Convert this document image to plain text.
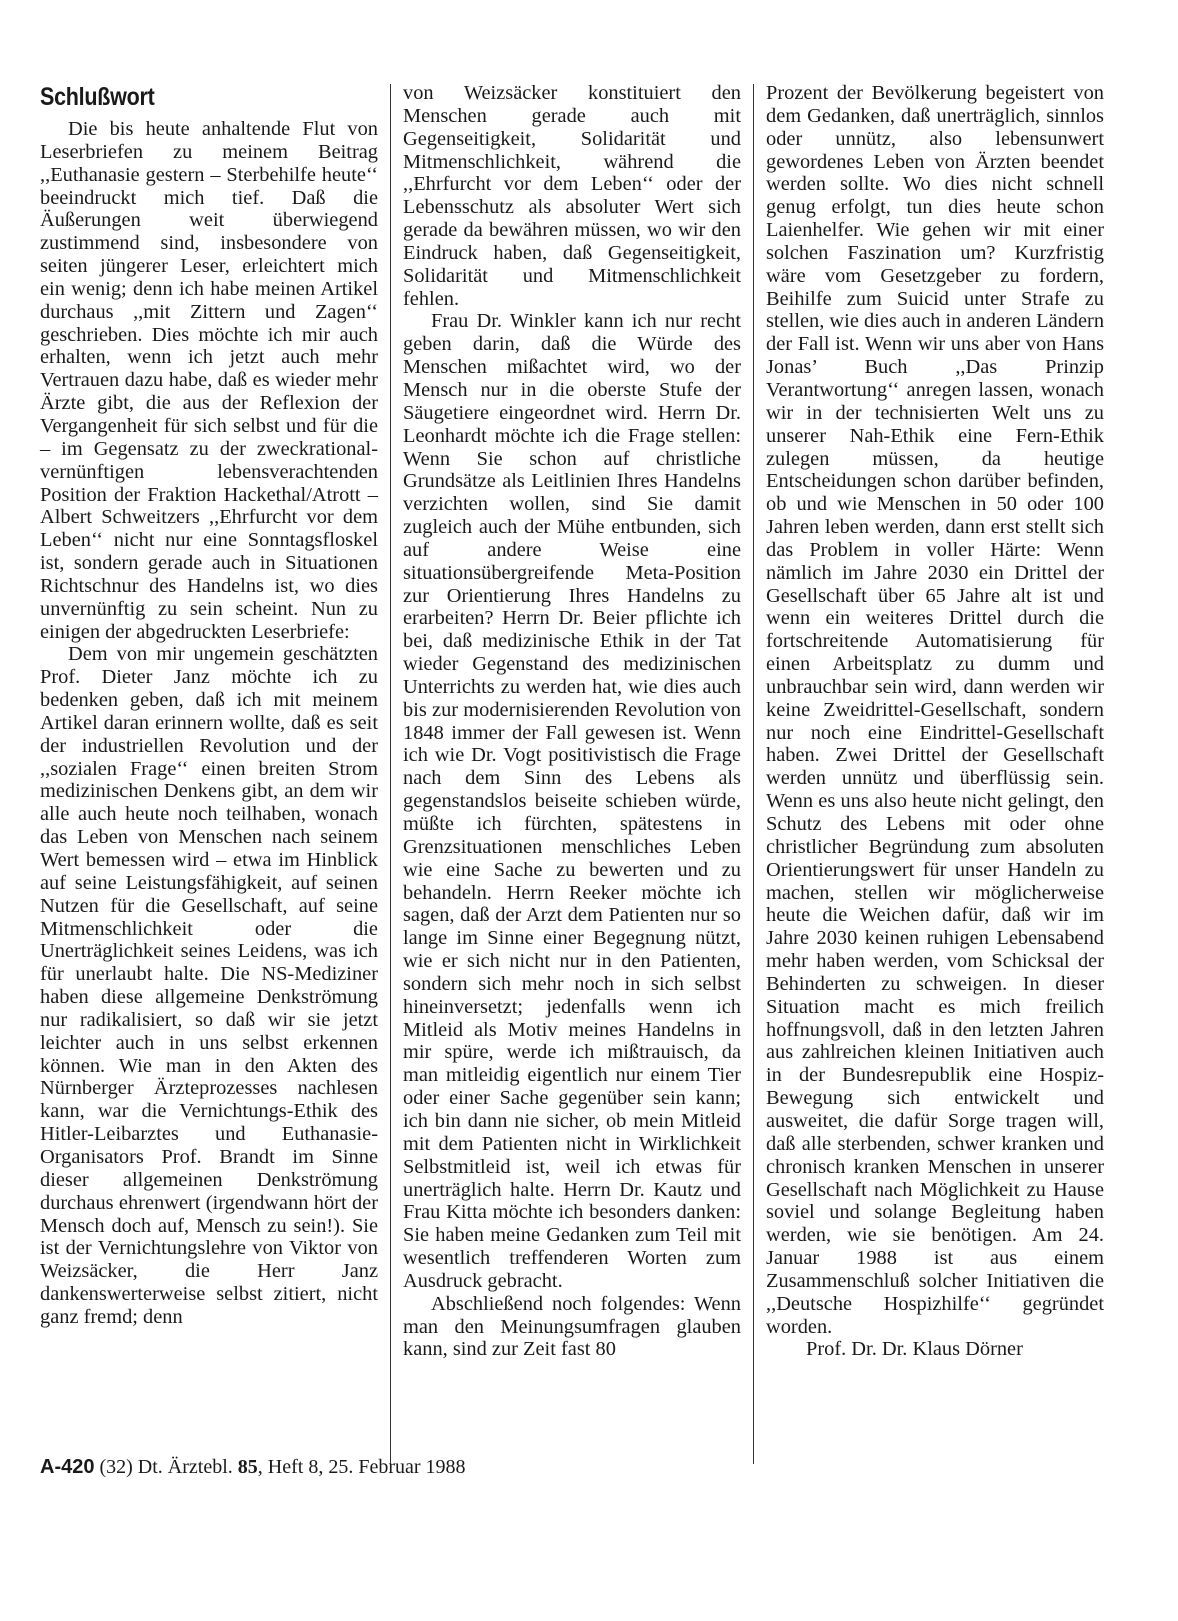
Schlußwort

Die bis heute anhaltende Flut von Leserbriefen zu meinem Beitrag ,,Euthanasie gestern – Sterbehilfe heute‘‘ beeindruckt mich tief. Daß die Äußerungen weit überwiegend zustimmend sind, insbesondere von seiten jüngerer Leser, erleichtert mich ein wenig; denn ich habe meinen Artikel durchaus ,,mit Zittern und Zagen‘‘ geschrieben. Dies möchte ich mir auch erhalten, wenn ich jetzt auch mehr Vertrauen dazu habe, daß es wieder mehr Ärzte gibt, die aus der Reflexion der Vergangenheit für sich selbst und für die – im Gegensatz zu der zweckrational-vernünftigen lebensverachtenden Position der Fraktion Hackethal/Atrott – Albert Schweitzers ,,Ehrfurcht vor dem Leben‘‘ nicht nur eine Sonntagsfloskel ist, sondern gerade auch in Situationen Richtschnur des Handelns ist, wo dies unvernünftig zu sein scheint. Nun zu einigen der abgedruckten Leserbriefe:

Dem von mir ungemein geschätzten Prof. Dieter Janz möchte ich zu bedenken geben, daß ich mit meinem Artikel daran erinnern wollte, daß es seit der industriellen Revolution und der ,,sozialen Frage‘‘ einen breiten Strom medizinischen Denkens gibt, an dem wir alle auch heute noch teilhaben, wonach das Leben von Menschen nach seinem Wert bemessen wird – etwa im Hinblick auf seine Leistungsfähigkeit, auf seinen Nutzen für die Gesellschaft, auf seine Mitmenschlichkeit oder die Unerträglichkeit seines Leidens, was ich für unerlaubt halte. Die NS-Mediziner haben diese allgemeine Denkströmung nur radikalisiert, so daß wir sie jetzt leichter auch in uns selbst erkennen können. Wie man in den Akten des Nürnberger Ärzteprozesses nachlesen kann, war die Vernichtungs-Ethik des Hitler-Leibarztes und Euthanasie-Organisators Prof. Brandt im Sinne dieser allgemeinen Denkströmung durchaus ehrenwert (irgendwann hört der Mensch doch auf, Mensch zu sein!). Sie ist der Vernichtungslehre von Viktor von Weizsäcker, die Herr Janz dankenswerterweise selbst zitiert, nicht ganz fremd; denn

von Weizsäcker konstituiert den Menschen gerade auch mit Gegenseitigkeit, Solidarität und Mitmenschlichkeit, während die ,,Ehrfurcht vor dem Leben‘‘ oder der Lebensschutz als absoluter Wert sich gerade da bewähren müssen, wo wir den Eindruck haben, daß Gegenseitigkeit, Solidarität und Mitmenschlichkeit fehlen.

Frau Dr. Winkler kann ich nur recht geben darin, daß die Würde des Menschen mißachtet wird, wo der Mensch nur in die oberste Stufe der Säugetiere eingeordnet wird. Herrn Dr. Leonhardt möchte ich die Frage stellen: Wenn Sie schon auf christliche Grundsätze als Leitlinien Ihres Handelns verzichten wollen, sind Sie damit zugleich auch der Mühe entbunden, sich auf andere Weise eine situationsübergreifende Meta-Position zur Orientierung Ihres Handelns zu erarbeiten? Herrn Dr. Beier pflichte ich bei, daß medizinische Ethik in der Tat wieder Gegenstand des medizinischen Unterrichts zu werden hat, wie dies auch bis zur modernisierenden Revolution von 1848 immer der Fall gewesen ist. Wenn ich wie Dr. Vogt positivistisch die Frage nach dem Sinn des Lebens als gegenstandslos beiseite schieben würde, müßte ich fürchten, spätestens in Grenzsituationen menschliches Leben wie eine Sache zu bewerten und zu behandeln. Herrn Reeker möchte ich sagen, daß der Arzt dem Patienten nur so lange im Sinne einer Begegnung nützt, wie er sich nicht nur in den Patienten, sondern sich mehr noch in sich selbst hineinversetzt; jedenfalls wenn ich Mitleid als Motiv meines Handelns in mir spüre, werde ich mißtrauisch, da man mitleidig eigentlich nur einem Tier oder einer Sache gegenüber sein kann; ich bin dann nie sicher, ob mein Mitleid mit dem Patienten nicht in Wirklichkeit Selbstmitleid ist, weil ich etwas für unerträglich halte. Herrn Dr. Kautz und Frau Kitta möchte ich besonders danken: Sie haben meine Gedanken zum Teil mit wesentlich treffenderen Worten zum Ausdruck gebracht.

Abschließend noch folgendes: Wenn man den Meinungsumfragen glauben kann, sind zur Zeit fast 80

Prozent der Bevölkerung begeistert von dem Gedanken, daß unerträglich, sinnlos oder unnütz, also lebensunwert gewordenes Leben von Ärzten beendet werden sollte. Wo dies nicht schnell genug erfolgt, tun dies heute schon Laienhelfer. Wie gehen wir mit einer solchen Faszination um? Kurzfristig wäre vom Gesetzgeber zu fordern, Beihilfe zum Suicid unter Strafe zu stellen, wie dies auch in anderen Ländern der Fall ist. Wenn wir uns aber von Hans Jonas’ Buch ,,Das Prinzip Verantwortung‘‘ anregen lassen, wonach wir in der technisierten Welt uns zu unserer Nah-Ethik eine Fern-Ethik zulegen müssen, da heutige Entscheidungen schon darüber befinden, ob und wie Menschen in 50 oder 100 Jahren leben werden, dann erst stellt sich das Problem in voller Härte: Wenn nämlich im Jahre 2030 ein Drittel der Gesellschaft über 65 Jahre alt ist und wenn ein weiteres Drittel durch die fortschreitende Automatisierung für einen Arbeitsplatz zu dumm und unbrauchbar sein wird, dann werden wir keine Zweidrittel-Gesellschaft, sondern nur noch eine Eindrittel-Gesellschaft haben. Zwei Drittel der Gesellschaft werden unnütz und überflüssig sein. Wenn es uns also heute nicht gelingt, den Schutz des Lebens mit oder ohne christlicher Begründung zum absoluten Orientierungswert für unser Handeln zu machen, stellen wir möglicherweise heute die Weichen dafür, daß wir im Jahre 2030 keinen ruhigen Lebensabend mehr haben werden, vom Schicksal der Behinderten zu schweigen. In dieser Situation macht es mich freilich hoffnungsvoll, daß in den letzten Jahren aus zahlreichen kleinen Initiativen auch in der Bundesrepublik eine Hospiz-Bewegung sich entwickelt und ausweitet, die dafür Sorge tragen will, daß alle sterbenden, schwer kranken und chronisch kranken Menschen in unserer Gesellschaft nach Möglichkeit zu Hause soviel und solange Begleitung haben werden, wie sie benötigen. Am 24. Januar 1988 ist aus einem Zusammenschluß solcher Initiativen die ,,Deutsche Hospizhilfe‘‘ gegründet worden.

Prof. Dr. Dr. Klaus Dörner

A-420 (32) Dt. Ärztebl. 85, Heft 8, 25. Februar 1988
